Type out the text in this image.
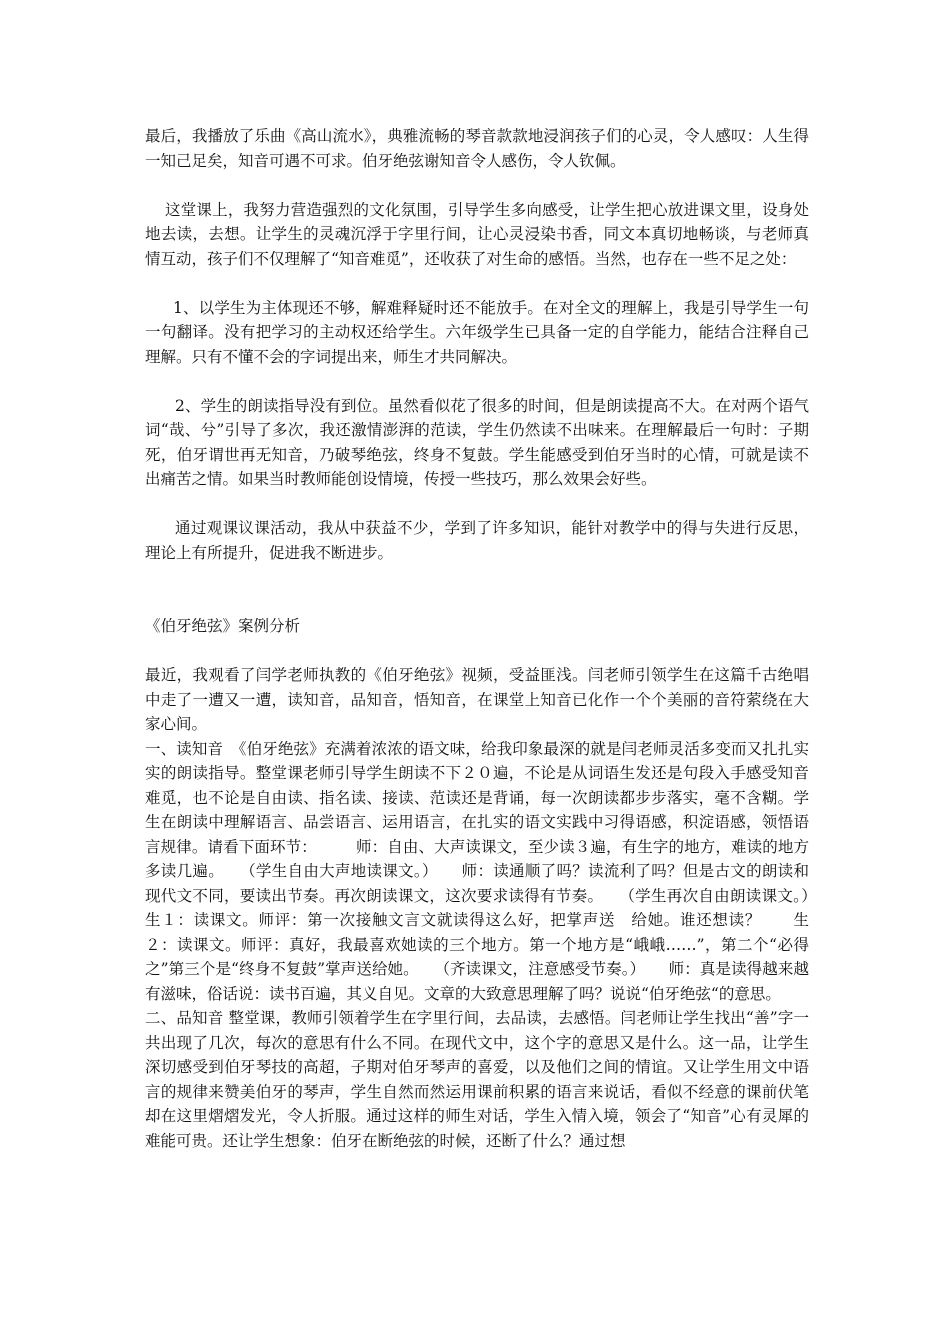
最后，我播放了乐曲《高山流水》，典雅流畅的琴音款款地浸润孩子们的心灵，令人感叹：人生得一知己足矣，知音可遇不可求。伯牙绝弦谢知音令人感伤，令人钦佩。

这堂课上，我努力营造强烈的文化氛围，引导学生多向感受，让学生把心放进课文里，设身处地去读，去想。让学生的灵魂沉浮于字里行间，让心灵浸染书香，同文本真切地畅谈，与老师真情互动，孩子们不仅理解了“知音难觅”，还收获了对生命的感悟。当然，也存在一些不足之处：

1、以学生为主体现还不够，解难释疑时还不能放手。在对全文的理解上，我是引导学生一句一句翻译。没有把学习的主动权还给学生。六年级学生已具备一定的自学能力，能结合注释自己理解。只有不懂不会的字词提出来，师生才共同解决。

2、学生的朗读指导没有到位。虽然看似花了很多的时间，但是朗读提高不大。在对两个语气词“哉、兮”引导了多次，我还激情澎湃的范读，学生仍然读不出味来。在理解最后一句时：子期死，伯牙谓世再无知音，乃破琴绝弦，终身不复鼓。学生能感受到伯牙当时的心情，可就是读不出痛苦之情。如果当时教师能创设情境，传授一些技巧，那么效果会好些。

通过观课议课活动，我从中获益不少，学到了许多知识，能针对教学中的得与失进行反思，理论上有所提升，促进我不断进步。

《伯牙绝弦》案例分析

最近，我观看了闫学老师执教的《伯牙绝弦》视频，受益匪浅。闫老师引领学生在这篇千古绝唱中走了一遭又一遭，读知音，品知音，悟知音，在课堂上知音已化作一个个美丽的音符萦绕在大家心间。

一、读知音　《伯牙绝弦》充满着浓浓的语文味，给我印象最深的就是闫老师灵活多变而又扎扎实实的朗读指导。整堂课老师引导学生朗读不下２０遍，不论是从词语生发还是句段入手感受知音难觅，也不论是自由读、指名读、接读、范读还是背诵，每一次朗读都步步落实，毫不含糊。学生在朗读中理解语言、品尝语言、运用语言，在扎实的语文实践中习得语感，积淀语感，领悟语言规律。请看下面环节：　　　师：自由、大声读课文，至少读３遍，有生字的地方，难读的地方多读几遍。　　（学生自由大声地读课文。）　　师：读通顺了吗？读流利了吗？但是古文的朗读和现代文不同，要读出节奏。再次朗读课文，这次要求读得有节奏。　　（学生再次自由朗读课文。）　　生１：读课文。师评：第一次接触文言文就读得这么好，把掌声送　给她。谁还想读？　　生２：读课文。师评：真好，我最喜欢她读的三个地方。第一个地方是“峨峨……”，第二个“必得之”第三个是“终身不复鼓”掌声送给她。　　（齐读课文，注意感受节奏。）　　师：真是读得越来越有滋味，俗话说：读书百遍，其义自见。文章的大致意思理解了吗？说说“伯牙绝弦“的意思。

二、品知音 整堂课，教师引领着学生在字里行间，去品读，去感悟。闫老师让学生找出“善”字一共出现了几次，每次的意思有什么不同。在现代文中，这个字的意思又是什么。这一品，让学生深切感受到伯牙琴技的高超，子期对伯牙琴声的喜爱，以及他们之间的情谊。又让学生用文中语言的规律来赞美伯牙的琴声，学生自然而然运用课前积累的语言来说话，看似不经意的课前伏笔却在这里熠熠发光，令人折服。通过这样的师生对话，学生入情入境，领会了“知音”心有灵犀的难能可贵。还让学生想象：伯牙在断绝弦的时候，还断了什么？通过想
